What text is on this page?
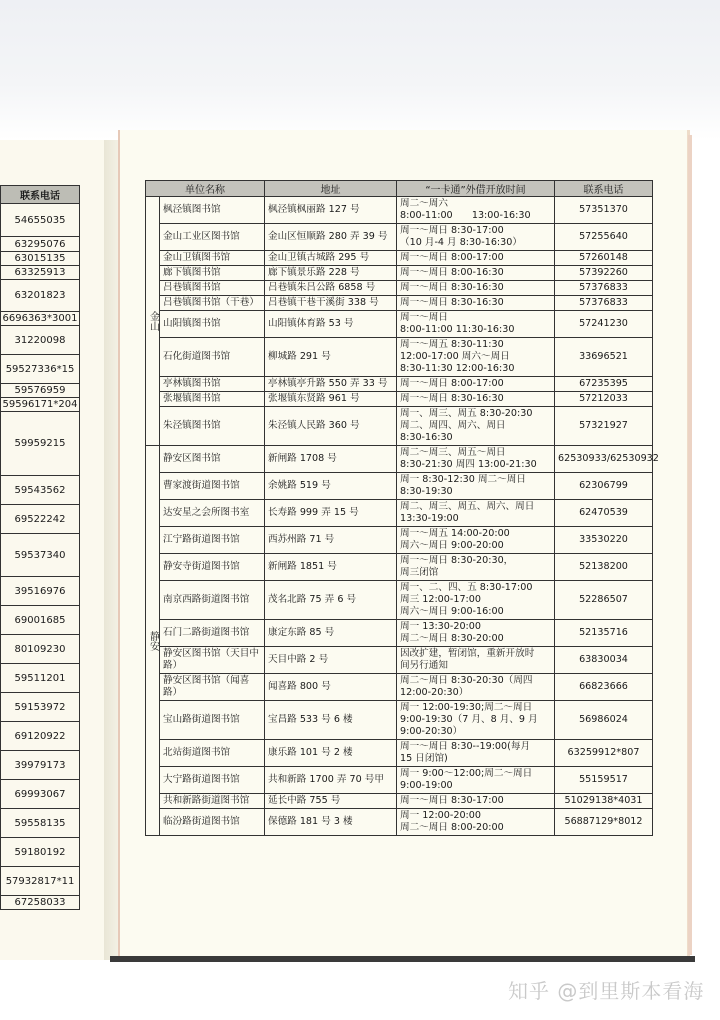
联系电话
54655035
63295076
63015135
63325913
63201823
6696363*3001
31220098
59527336*15
59576959
59596171*204
59959215
59543562
69522242
59537340
39516976
69001685
80109230
59511201
59153972
69120922
39979173
69993067
59558135
59180192
57932817*11
67258033
单位名称		地址	“一卡通”外借开放时间	联系电话
金山	枫泾镇图书馆	枫泾镇枫丽路 127 号	周二～周六
8:00-11:00　　13:00-16:30	57351370
	金山工业区图书馆	金山区恒顺路 280 弄 39 号	周一～周日 8:30-17:00
（10 月-4 月 8:30-16:30）	57255640
	金山卫镇图书馆	金山卫镇古城路 295 号	周一～周日 8:00-17:00	57260148
	廊下镇图书馆	廊下镇景乐路 228 号	周一～周日 8:00-16:30	57392260
	吕巷镇图书馆	吕巷镇朱吕公路 6858 号	周一～周日 8:30-16:30	57376833
	吕巷镇图书馆（干巷）	吕巷镇干巷干溪街 338 号	周一～周日 8:30-16:30	57376833
	山阳镇图书馆	山阳镇体育路 53 号	周一～周日
8:00-11:00 11:30-16:30	57241230
	石化街道图书馆	柳城路 291 号	周一～周五 8:30-11:30
12:00-17:00 周六～周日
8:30-11:30 12:00-16:30	33696521
	亭林镇图书馆	亭林镇亭升路 550 弄 33 号	周一～周日 8:00-17:00	67235395
	张堰镇图书馆	张堰镇东贤路 961 号	周一～周日 8:30-16:30	57212033
	朱泾镇图书馆	朱泾镇人民路 360 号	周一、周三、周五 8:30-20:30
周二、周四、周六、周日
8:30-16:30	57321927
静安	静安区图书馆	新闸路 1708 号	周二～周三、周五～周日
8:30-21:30 周四 13:00-21:30	62530933/62530932
	曹家渡街道图书馆	余姚路 519 号	周一 8:30-12:30 周二～周日
8:30-19:30	62306799
	达安星之会所图书室	长寿路 999 弄 15 号	周二、周三、周五、周六、周日
13:30-19:00	62470539
	江宁路街道图书馆	西苏州路 71 号	周一～周五 14:00-20:00
周六～周日 9:00-20:00	33530220
	静安寺街道图书馆	新闸路 1851 号	周一～周日 8:30-20:30，
周三闭馆	52138200
	南京西路街道图书馆	茂名北路 75 弄 6 号	周一、二、四、五 8:30-17:00
周三 12:00-17:00
周六～周日 9:00-16:00	52286507
	石门二路街道图书馆	康定东路 85 号	周一 13:30-20:00
周二～周日 8:30-20:00	52135716
	静安区图书馆（天目中路）	天目中路 2 号	因改扩建，暂闭馆，重新开放时
间另行通知	63830034
	静安区图书馆（闻喜路）	闻喜路 800 号	周二～周日 8:30-20:30（周四
12:00-20:30）	66823666
	宝山路街道图书馆	宝昌路 533 号 6 楼	周一 12:00-19:30;周二～周日
9:00-19:30（7 月、8 月、9 月
9:00-20:30）	56986024
	北站街道图书馆	康乐路 101 号 2 楼	周一～周日 8:30--19:00(每月
15 日闭馆)	63259912*807
	大宁路街道图书馆	共和新路 1700 弄 70 号甲	周一 9:00～12:00;周二～周日
9:00-19:00	55159517
	共和新路街道图书馆	延长中路 755 号	周一～周日 8:30-17:00	51029138*4031
	临汾路街道图书馆	保德路 181 号 3 楼	周一 12:00-20:00
周二～周日 8:00-20:00	56887129*8012
知乎 @到里斯本看海
